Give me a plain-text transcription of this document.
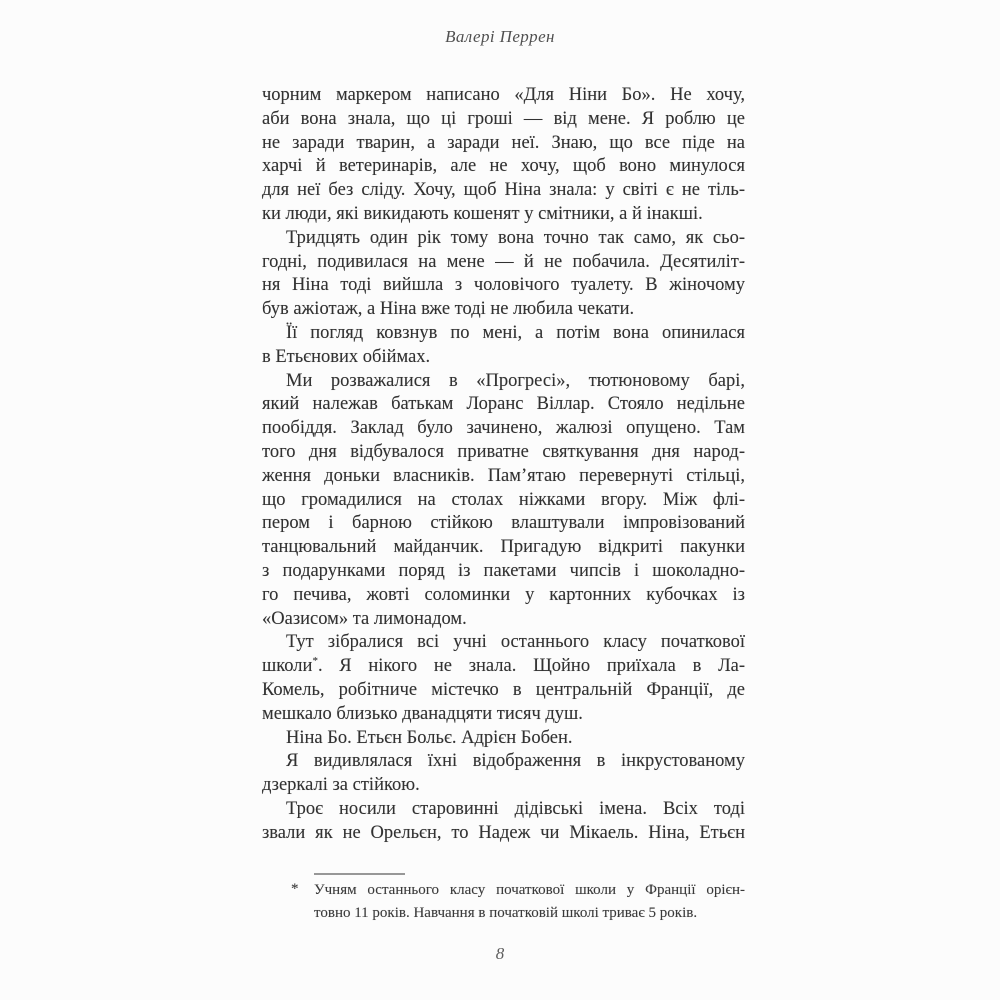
Валері Перрен
чорним маркером написано «Для Ніни Бо». Не хочу,
аби вона знала, що ці гроші — від мене. Я роблю це
не заради тварин, а заради неї. Знаю, що все піде на
харчі й ветеринарів, але не хочу, щоб воно минулося
для неї без сліду. Хочу, щоб Ніна знала: у світі є не тіль-
ки люди, які викидають кошенят у смітники, а й інакші.
Тридцять один рік тому вона точно так само, як сьо-
годні, подивилася на мене — й не побачила. Десятиліт-
ня Ніна тоді вийшла з чоловічого туалету. В жіночому
був ажіотаж, а Ніна вже тоді не любила чекати.
Її погляд ковзнув по мені, а потім вона опинилася
в Етьєнових обіймах.
Ми розважалися в «Прогресі», тютюновому барі,
який належав батькам Лоранс Віллар. Стояло недільне
пообіддя. Заклад було зачинено, жалюзі опущено. Там
того дня відбувалося приватне святкування дня народ-
ження доньки власників. Пам’ятаю перевернуті стільці,
що громадилися на столах ніжками вгору. Між флі-
пером і барною стійкою влаштували імпровізований
танцювальний майданчик. Пригадую відкриті пакунки
з подарунками поряд із пакетами чипсів і шоколадно-
го печива, жовті соломинки у картонних кубочках із
«Оазисом» та лимонадом.
Тут зібралися всі учні останнього класу початкової
школи*. Я нікого не знала. Щойно приїхала в Ла-
Комель, робітниче містечко в центральній Франції, де
мешкало близько дванадцяти тисяч душ.
Ніна Бо. Етьєн Больє. Адрієн Бобен.
Я видивлялася їхні відображення в інкрустованому
дзеркалі за стійкою.
Троє носили старовинні дідівські імена. Всіх тоді
звали як не Орельєн, то Надеж чи Мікаель. Ніна, Етьєн
* Учням останнього класу початкової школи у Франції орієн-
товно 11 років. Навчання в початковій школі триває 5 років.
8
